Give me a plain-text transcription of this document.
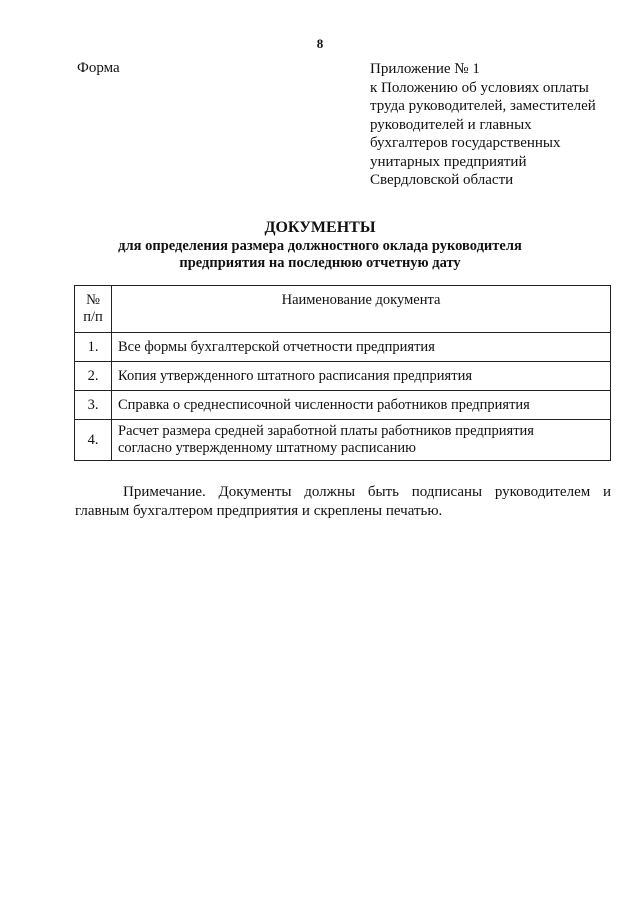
8
Форма	Приложение № 1
к Положению об условиях оплаты
труда руководителей, заместителей
руководителей и главных
бухгалтеров государственных
унитарных предприятий
Свердловской области
ДОКУМЕНТЫ
для определения размера должностного оклада руководителя
предприятия на последнюю отчетную дату
№
п/п	Наименование документа
1.	Все формы бухгалтерской отчетности предприятия
2.	Копия утвержденного штатного расписания предприятия
3.	Справка о среднесписочной численности работников предприятия
4.	Расчет размера средней заработной платы работников предприятия
согласно утвержденному штатному расписанию
Примечание. Документы должны быть подписаны руководителем и главным бухгалтером предприятия и скреплены печатью.
